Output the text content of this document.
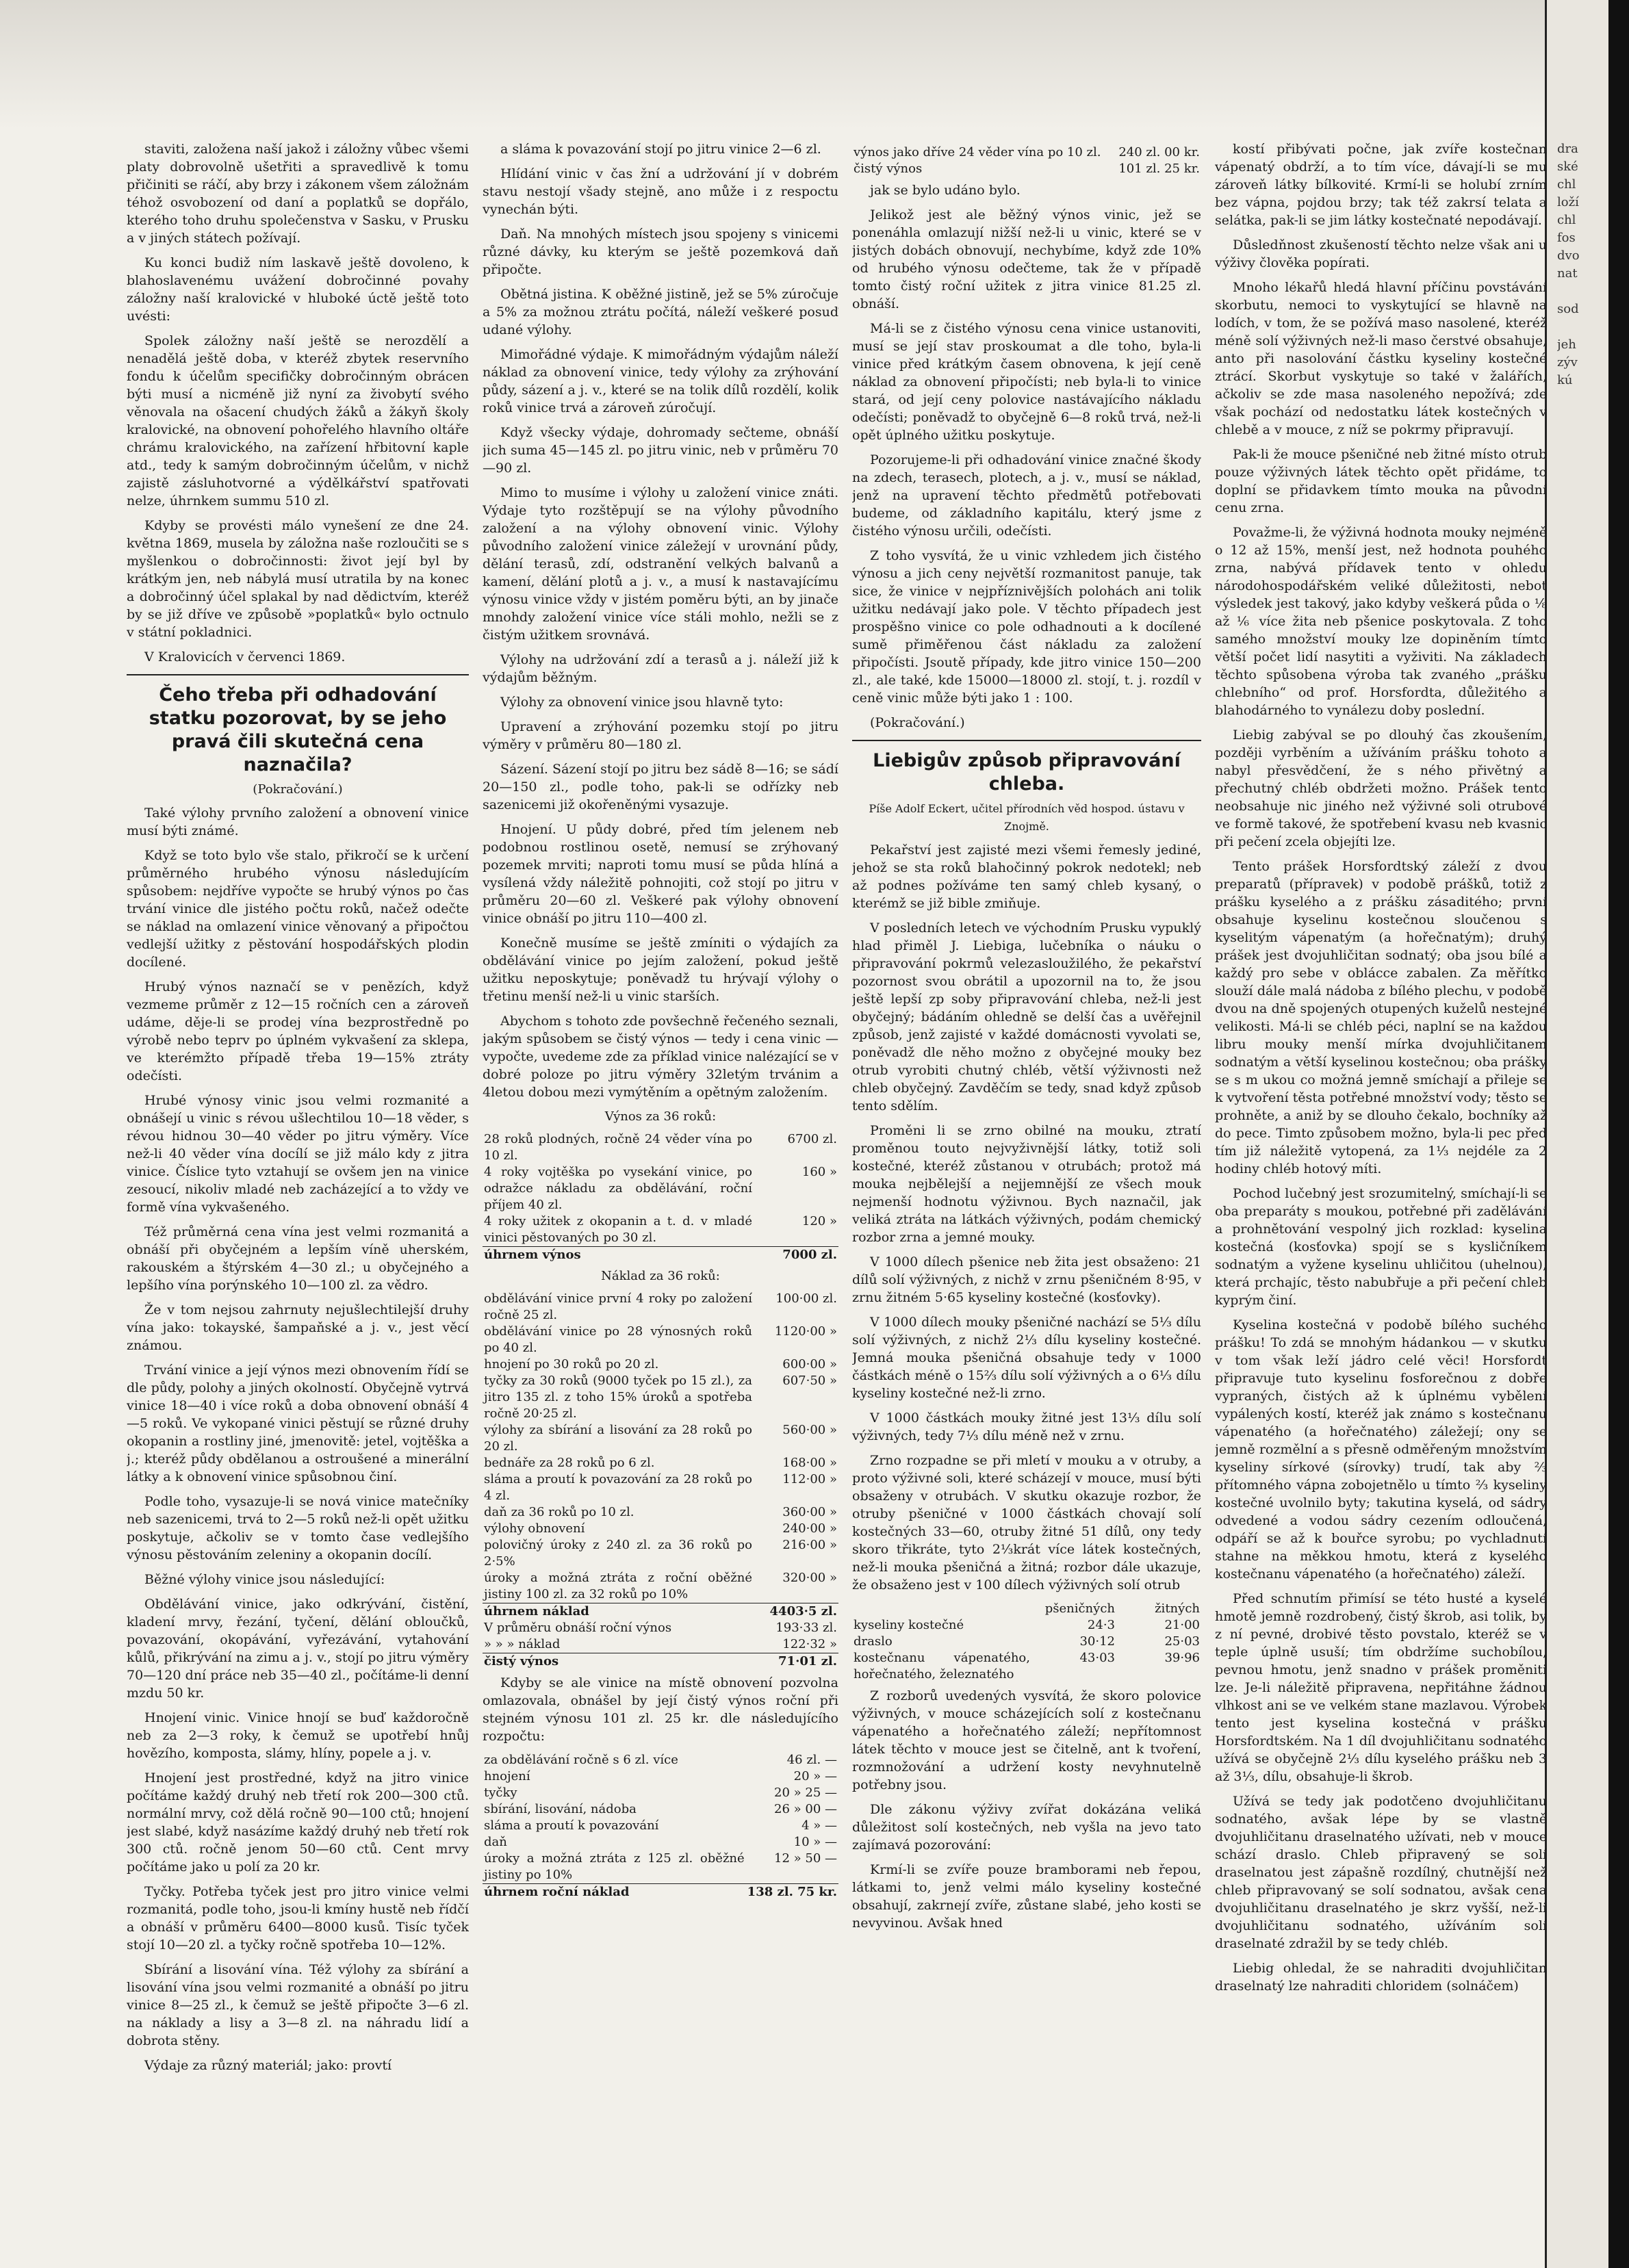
staviti, založena naší jakož i záložny vůbec všemi platy dobrovolně ušetřiti a spravedlivě k tomu přičiniti se ráčí, aby brzy i zákonem všem záložnám téhož osvobození od daní a poplatků se dopřálo, kterého toho druhu společenstva v Sasku, v Prusku a v jiných státech požívají.

Ku konci budiž ním laskavě ještě dovoleno, k blahoslavenému uvážení dobročinné povahy záložny naší kralovické v hluboké úctě ještě toto uvésti:

Spolek záložny naší ještě se nerozdělí a nenadělá ještě doba, v kteréž zbytek reservního fondu k účelům specifičky dobročinným obrácen býti musí a nicméně již nyní za živobytí svého věnovala na ošacení chudých žáků a žákyň školy kralovické, na obnovení pohořelého hlavního oltáře chrámu kralovického, na zařízení hřbitovní kaple atd., tedy k samým dobročinným účelům, v nichž zajistě zásluhotvorné a výdělkářství spatřovati nelze, úhrnkem summu 510 zl.

Kdyby se provésti málo vynešení ze dne 24. května 1869, musela by záložna naše rozloučiti se s myšlenkou o dobročinnosti: život její byl by krátkým jen, neb nábylá musí utratila by na konec a dobročinný účel splakal by nad dědictvím, kteréž by se již dříve ve způsobě »poplatků« bylo octnulo v státní pokladnici.

V Kralovicích v červenci 1869.

Čeho třeba při odhadování statku pozorovat, by se jeho pravá čili skutečná cena naznačila?
(Pokračování.)

Také výlohy prvního založení a obnovení vinice musí býti známé.

Když se toto bylo vše stalo, přikročí se k určení průměrného hrubého výnosu následujícím spůsobem: nejdříve vypočte se hrubý výnos po čas trvání vinice dle jistého počtu roků, načež odečte se náklad na omlazení vinice věnovaný a připočtou vedlejší užitky z pěstování hospodářských plodin docílené.

Hrubý výnos naznačí se v penězích, když vezmeme průměr z 12—15 ročních cen a zároveň udáme, děje-li se prodej vína bezprostředně po výrobě nebo teprv po úplném vykvašení za sklepa, ve kterémžto případě třeba 19—15% ztráty odečísti.

Hrubé výnosy vinic jsou velmi rozmanité a obnášejí u vinic s révou ušlechtilou 10—18 věder, s révou hidnou 30—40 věder po jitru výměry. Více než-li 40 věder vína docílí se již málo kdy z jitra vinice. Číslice tyto vztahují se ovšem jen na vinice zesoucí, nikoliv mladé neb zacházející a to vždy ve formě vína vykvašeného.

Též průměrná cena vína jest velmi rozmanitá a obnáší při obyčejném a lepším víně uherském, rakouském a štýrském 4—30 zl.; u obyčejného a lepšího vína porýnského 10—100 zl. za vědro.

Že v tom nejsou zahrnuty nejušlechtilejší druhy vína jako: tokayské, šampaňské a j. v., jest věcí známou.

Trvání vinice a její výnos mezi obnovením řídí se dle půdy, polohy a jiných okolností. Obyčejně vytrvá vinice 18—40 i více roků a doba obnovení obnáší 4—5 roků. Ve vykopané vinici pěstují se různé druhy okopanin a rostliny jiné, jmenovitě: jetel, vojtěška a j.; kteréž půdy obdělanou a ostroušené a minerální látky a k obnovení vinice spůsobnou činí.

Podle toho, vysazuje-li se nová vinice matečníky neb sazenicemi, trvá to 2—5 roků než-li opět užitku poskytuje, ačkoliv se v tomto čase vedlejšího výnosu pěstováním zeleniny a okopanin docílí.

Běžné výlohy vinice jsou následující:

Obdělávání vinice, jako odkrývání, čistění, kladení mrvy, řezání, tyčení, dělání obloučků, povazování, okopávání, vyřezávání, vytahování kůlů, přikrývání na zimu a j. v., stojí po jitru výměry 70—120 dní práce neb 35—40 zl., počítáme-li denní mzdu 50 kr.

Hnojení vinic. Vinice hnojí se buď každoročně neb za 2—3 roky, k čemuž se upotřebí hnůj hovězího, komposta, slámy, hlíny, popele a j. v.

Hnojení jest prostředné, když na jitro vinice počítáme každý druhý neb třetí rok 200—300 ctů. normální mrvy, což dělá ročně 90—100 ctů; hnojení jest slabé, když nasázíme každý druhý neb třetí rok 300 ctů. ročně jenom 50—60 ctů. Cent mrvy počítáme jako u polí za 20 kr.

Tyčky. Potřeba tyček jest pro jitro vinice velmi rozmanitá, podle toho, jsou-li kmíny hustě neb řídčí a obnáší v průměru 6400—8000 kusů. Tisíc tyček stojí 10—20 zl. a tyčky ročně spotřeba 10—12%.

Sbírání a lisování vína. Též výlohy za sbírání a lisování vína jsou velmi rozmanité a obnáší po jitru vinice 8—25 zl., k čemuž se ještě připočte 3—6 zl. na náklady a lisy a 3—8 zl. na náhradu lidí a dobrota stěny.

Výdaje za různý materiál; jako: provtí

a sláma k povazování stojí po jitru vinice 2—6 zl.

Hlídání vinic v čas žní a udržování jí v dobrém stavu nestojí všady stejně, ano může i z respoctu vynechán býti.

Daň. Na mnohých místech jsou spojeny s vinicemi různé dávky, ku kterým se ještě pozemková daň připočte.

Obětná jistina. K oběžné jistině, jež se 5% zúročuje a 5% za možnou ztrátu počítá, náleží veškeré posuď udané výlohy.

Mimořádné výdaje. K mimořádným výdajům náleží náklad za obnovení vinice, tedy výlohy za zrýhování půdy, sázení a j. v., které se na tolik dílů rozdělí, kolik roků vinice trvá a zároveň zúročují.

Když všecky výdaje, dohromady sečteme, obnáší jich suma 45—145 zl. po jitru vinic, neb v průměru 70—90 zl.

Mimo to musíme i výlohy u založení vinice znáti. Výdaje tyto rozštěpují se na výlohy původního založení a na výlohy obnovení vinic. Výlohy původního založení vinice záležejí v urovnání půdy, dělání terasů, zdí, odstranění velkých balvanů a kamení, dělání plotů a j. v., a musí k nastavajícímu výnosu vinice vždy v jistém poměru býti, an by jinače mnohdy založení vinice více stáli mohlo, nežli se z čistým užitkem srovnává.

Výlohy na udržování zdí a terasů a j. náleží již k výdajům běžným.

Výlohy za obnovení vinice jsou hlavně tyto:

Upravení a zrýhování pozemku stojí po jitru výměry v průměru 80—180 zl.

Sázení. Sázení stojí po jitru bez sádě 8—16; se sádí 20—150 zl., podle toho, pak-li se odřízky neb sazenicemi již okořeněnými vysazuje.

Hnojení. U půdy dobré, před tím jelenem neb podobnou rostlinou osetě, nemusí se zrýhovaný pozemek mrviti; naproti tomu musí se půda hlíná a vysílená vždy náležitě pohnojiti, což stojí po jitru v průměru 20—60 zl. Veškeré pak výlohy obnovení vinice obnáší po jitru 110—400 zl.

Konečně musíme se ještě zmíniti o výdajích za obdělávání vinice po jejím založení, pokud ještě užitku neposkytuje; poněvadž tu hrývají výlohy o třetinu menší než-li u vinic starších.

Abychom s tohoto zde povšechně řečeného seznali, jakým spůsobem se čistý výnos — tedy i cena vinic — vypočte, uvedeme zde za příklad vinice nalézající se v dobré poloze po jitru výměry 32letým trvánim a 4letou dobou mezi vymýtěním a opětným založením.

Výnos za 36 roků:
28 roků plodných, ročně 24 věder vína po 10 zl.	6700 zl.
4 roky vojtěška po vysekání vinice, po odražce nákladu za obdělávání, roční příjem 40 zl.	160 »
4 roky užitek z okopanin a t. d. v mladé vinici pěstovaných po 30 zl.	120 »
úhrnem výnos	7000 zl.
Náklad za 36 roků:
obdělávání vinice první 4 roky po založení ročně 25 zl.	100·00 zl.
obdělávání vinice po 28 výnosných roků po 40 zl.	1120·00 »
hnojení po 30 roků po 20 zl.	600·00 »
tyčky za 30 roků (9000 tyček po 15 zl.), za jitro 135 zl. z toho 15% úroků a spotřeba ročně 20·25 zl.	607·50 »
výlohy za sbírání a lisování za 28 roků po 20 zl.	560·00 »
bednáře za 28 roků po 6 zl.	168·00 »
sláma a proutí k povazování za 28 roků po 4 zl.	112·00 »
daň za 36 roků po 10 zl.	360·00 »
výlohy obnovení	240·00 »
polovičný úroky z 240 zl. za 36 roků po 2·5%	216·00 »
úroky a možná ztráta z roční oběžné jistiny 100 zl. za 32 roků po 10%	320·00 »
úhrnem náklad	4403·5 zl.
V průměru obnáší roční výnos	193·33 zl.
» » » náklad	122·32 »
čistý výnos	71·01 zl.

Kdyby se ale vinice na místě obnovení pozvolna omlazovala, obnášel by její čistý výnos roční při stejném výnosu 101 zl. 25 kr. dle následujícího rozpočtu:

za obdělávání ročně s 6 zl. více	46 zl. —
hnojení	20 » —
tyčky	20 » 25 —
sbírání, lisování, nádoba	26 » 00 —
sláma a proutí k povazování	4 » —
daň	10 » —
úroky a možná ztráta z 125 zl. oběžné jistiny po 10%	12 » 50 —
úhrnem roční náklad	138 zl. 75 kr.
výnos jako dříve 24 věder vína po 10 zl.	240 zl. 00 kr.
čistý výnos	101 zl. 25 kr.

jak se bylo udáno bylo.

Jelikož jest ale běžný výnos vinic, jež se ponenáhla omlazují nižší než-li u vinic, které se v jistých dobách obnovují, nechybíme, když zde 10% od hrubého výnosu odečteme, tak že v případě tomto čistý roční užitek z jitra vinice 81.25 zl. obnáší.

Má-li se z čistého výnosu cena vinice ustanoviti, musí se její stav proskoumat a dle toho, byla-li vinice před krátkým časem obnovena, k její ceně náklad za obnovení připočísti; neb byla-li to vinice stará, od její ceny polovice nastávajícího nákladu odečísti; poněvadž to obyčejně 6—8 roků trvá, než-li opět úplného užitku poskytuje.

Pozorujeme-li při odhadování vinice značné škody na zdech, terasech, plotech, a j. v., musí se náklad, jenž na upravení těchto předmětů potřebovati budeme, od základního kapitálu, který jsme z čistého výnosu určili, odečísti.

Z toho vysvítá, že u vinic vzhledem jich čistého výnosu a jich ceny největší rozmanitost panuje, tak sice, že vinice v nejpříznivějších polohách ani tolik užitku nedávají jako pole. V těchto případech jest prospěšno vinice co pole odhadnouti a k docílené sumě přiměřenou část nákladu za založení připočísti. Jsoutě případy, kde jitro vinice 150—200 zl., ale také, kde 15000—18000 zl. stojí, t. j. rozdíl v ceně vinic může býti jako 1 : 100.

(Pokračování.)

Liebigův způsob připravování chleba.
Píše Adolf Eckert, učitel přírodních věd hospod. ústavu v Znojmě.

Pekařství jest zajisté mezi všemi řemesly jediné, jehož se sta roků blahočinný pokrok nedotekl; neb až podnes požíváme ten samý chleb kysaný, o kterémž se již bible zmiňuje.

V posledních letech ve východním Prusku vypuklý hlad přiměl J. Liebiga, lučebníka o náuku o připravování pokrmů velezasloužilého, že pekařství pozornost svou obrátil a upozornil na to, že jsou ještě lepší zp soby připravování chleba, než-li jest obyčejný; bádáním ohledně se delší čas a uvěřejnil způsob, jenž zajisté v každé domácnosti vyvolati se, poněvadž dle něho možno z obyčejné mouky bez otrub vyrobiti chutný chléb, větší výživnosti než chleb obyčejný. Zavděčím se tedy, snad když způsob tento sdělím.

Proměni li se zrno obilné na mouku, ztratí proměnou touto nejvyživnější látky, totiž soli kostečné, kteréž zůstanou v otrubách; protož má mouka nejbělejší a nejjemnější ze všech mouk nejmenší hodnotu výživnou. Bych naznačil, jak veliká ztráta na látkách výživných, podám chemický rozbor zrna a jemné mouky.

V 1000 dílech pšenice neb žita jest obsaženo: 21 dílů solí výživných, z nichž v zrnu pšeničném 8·95, v zrnu žitném 5·65 kyseliny kostečné (kosťovky).

V 1000 dílech mouky pšeničné nachází se 5⅓ dílu solí výživných, z nichž 2⅓ dílu kyseliny kostečné. Jemná mouka pšeničná obsahuje tedy v 1000 částkách méně o 15⅔ dílu solí výživných a o 6⅓ dílu kyseliny kostečné než-li zrno.

V 1000 částkách mouky žitné jest 13⅓ dílu solí výživných, tedy 7⅓ dílu méně než v zrnu.

Zrno rozpadne se při mletí v mouku a v otruby, a proto výživné soli, které scházejí v mouce, musí býti obsaženy v otrubách. V skutku okazuje rozbor, že otruby pšeničné v 1000 částkách chovají solí kostečných 33—60, otruby žitné 51 dílů, ony tedy skoro třikráte, tyto 2⅓krát více látek kostečných, než-li mouka pšeničná a žitná; rozbor dále ukazuje, že obsaženo jest v 100 dílech výživných solí otrub

	pšeničných	žitných
kyseliny kostečné	24·3	21·00
draslo	30·12	25·03
kostečnanu vápenatého, hořečnatého, železnatého	43·03	39·96

Z rozborů uvedených vysvítá, že skoro polovice výživných, v mouce scházejících solí z kostečnanu vápenatého a hořečnatého záleží; nepřítomnost látek těchto v mouce jest se čitelně, ant k tvoření, rozmnožování a udržení kosty nevyhnutelně potřebny jsou.

Dle zákonu výživy zvířat dokázána veliká důležitost solí kostečných, neb vyšla na jevo tato zajímavá pozorování:

Krmí-li se zvíře pouze bramborami neb řepou, látkami to, jenž velmi málo kyseliny kostečné obsahují, zakrnejí zvíře, zůstane slabé, jeho kosti se nevyvinou. Avšak hned

kostí přibývati počne, jak zvíře kostečnan vápenatý obdrží, a to tím více, dávají-li se mu zároveň látky bílkovité. Krmí-li se holubí zrním bez vápna, pojdou brzy; tak též zakrsí telata a selátka, pak-li se jim látky kostečnaté nepodávají.

Důsledňnost zkušeností těchto nelze však ani u výživy člověka popírati.

Mnoho lékařů hledá hlavní příčinu povstávání skorbutu, nemoci to vyskytující se hlavně na lodích, v tom, že se požívá maso nasolené, kteréž méně solí výživných než-li maso čerstvé obsahuje, anto při nasolování částku kyseliny kostečné ztrácí. Skorbut vyskytuje so také v žalářích, ačkoliv se zde masa nasoleného nepožívá; zde však pochází od nedostatku látek kostečných v chlebě a v mouce, z níž se pokrmy připravují.

Pak-li že mouce pšeničné neb žitné místo otrub pouze výživných látek těchto opět přidáme, to doplní se přidavkem tímto mouka na původní cenu zrna.

Považme-li, že výživná hodnota mouky nejméně o 12 až 15%, menší jest, než hodnota pouhého zrna, nabývá přídavek tento v ohledu národohospodářském veliké důležitosti, neboť výsledek jest takový, jako kdyby veškerá půda o ⅛ až ⅙ více žita neb pšenice poskytovala. Z toho samého množství mouky lze dopiněním tímto větší počet lidí nasytiti a vyživiti. Na základech těchto spůsobena výroba tak zvaného „prášku chlebního“ od prof. Horsfordta, důležitého a blahodárného to vynálezu doby poslední.

Liebig zabýval se po dlouhý čas zkoušením, později vyrběním a užíváním prášku tohoto a nabyl přesvědčení, že s ného přivětný a přechutný chléb obdržeti možno. Prášek tento neobsahuje nic jiného než výživné soli otrubové ve formě takové, že spotřebení kvasu neb kvasnic při pečení zcela objejíti lze.

Tento prášek Horsfordtský záleží z dvou preparatů (přípravek) v podobě prášků, totiž z prášku kyselého a z prášku zásaditého; první obsahuje kyselinu kostečnou sloučenou s kyselitým vápenatým (a hořečnatým); druhý prášek jest dvojuhličitan sodnatý; oba jsou bílé a každý pro sebe v oblácce zabalen. Za měřítko slouží dále malá nádoba z bílého plechu, v podobě dvou na dně spojených otupených kuželů nestejné velikosti. Má-li se chléb péci, naplní se na každou libru mouky menší mírka dvojuhličitanem sodnatým a větší kyselinou kostečnou; oba prášky se s m ukou co možná jemně smíchají a přileje se k vytvoření těsta potřebné množství vody; těsto se prohněte, a aniž by se dlouho čekalo, bochníky až do pece. Timto způsobem možno, byla-li pec před tím již náležitě vytopená, za 1⅓ nejdéle za 2 hodiny chléb hotový míti.

Pochod lučebný jest srozumitelný, smíchají-li se oba preparáty s moukou, potřebné při zadělávání a prohnětování vespolný jich rozklad: kyselina kostečná (kosťovka) spojí se s kysličníkem sodnatým a vyžene kyselinu uhličitou (uhelnou), která prchajíc, těsto nabubřuje a při pečení chleb kyprým činí.

Kyselina kostečná v podobě bílého suchého prášku! To zdá se mnohým hádankou — v skutku v tom však leží jádro celé věci! Horsfordt připravuje tuto kyselinu fosforečnou z dobře vypraných, čistých až k úplnému vybělení vypálených kostí, kteréž jak známo s kostečnanu vápenatého (a hořečnatého) záležejí; ony se jemně rozmělní a s přesně odměřeným množstvím kyseliny sírkové (sírovky) trudí, tak aby ⅔ přítomného vápna zobojetnělo u tímto ⅔ kyseliny kostečné uvolnilo byty; takutina kyselá, od sádry odvedené a vodou sádry cezením odloučená, odpáří se až k bouřce syrobu; po vychladnutí stahne na měkkou hmotu, která z kyselého kostečnanu vápenatého (a hořečnatého) záleží.

Před schnutím přimísí se této husté a kyselé hmotě jemně rozdrobený, čistý škrob, asi tolik, by z ní pevné, drobivé těsto povstalo, kteréž se v teple úplně usuší; tím obdržíme suchobílou, pevnou hmotu, jenž snadno v prášek proměniti lze. Je-li náležitě připravena, nepřitáhne žádnou vlhkost ani se ve velkém stane mazlavou. Výrobek tento jest kyselina kostečná v prášku Horsfordtském. Na 1 díl dvojuhličitanu sodnatého užívá se obyčejně 2⅓ dílu kyselého prášku neb 3 až 3⅓, dílu, obsahuje-li škrob.

Užívá se tedy jak podotčeno dvojuhličitanu sodnatého, avšak lépe by se vlastně dvojuhličitanu draselnatého užívati, neb v mouce schází draslo. Chleb připravený se solí draselnatou jest zápašně rozdílný, chutnější než chleb připravovaný se solí sodnatou, avšak cena dvojuhličitanu draselnatého je skrz vyšší, než-li dvojuhličitanu sodnatého, užíváním solí draselnaté zdražil by se tedy chléb.

Liebig ohledal, že se nahraditi dvojuhličitan draselnatý lze nahraditi chloridem (solnáčem)

dra
ské
chl
loží
chl
fos
dvo
nat

sod

jeh
zýv
kú
